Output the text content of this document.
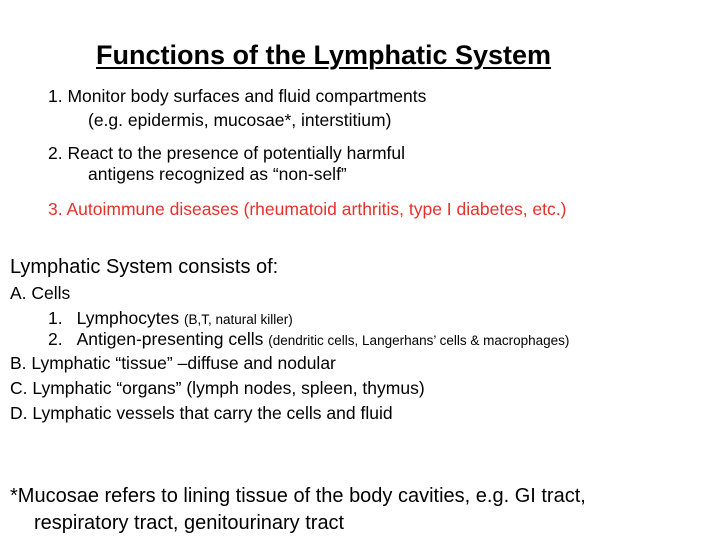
Functions of the Lymphatic System
1. Monitor body surfaces and fluid compartments
(e.g. epidermis, mucosae*, interstitium)
2. React to the presence of potentially harmful
antigens recognized as “non-self”
3. Autoimmune diseases (rheumatoid arthritis, type I diabetes, etc.)
Lymphatic System consists of:
A. Cells
1. Lymphocytes (B,T, natural killer)
2. Antigen-presenting cells (dendritic cells, Langerhans’ cells & macrophages)
B. Lymphatic “tissue” –diffuse and nodular
C. Lymphatic “organs” (lymph nodes, spleen, thymus)
D. Lymphatic vessels that carry the cells and fluid
*Mucosae refers to lining tissue of the body cavities, e.g. GI tract,
respiratory tract, genitourinary tract
